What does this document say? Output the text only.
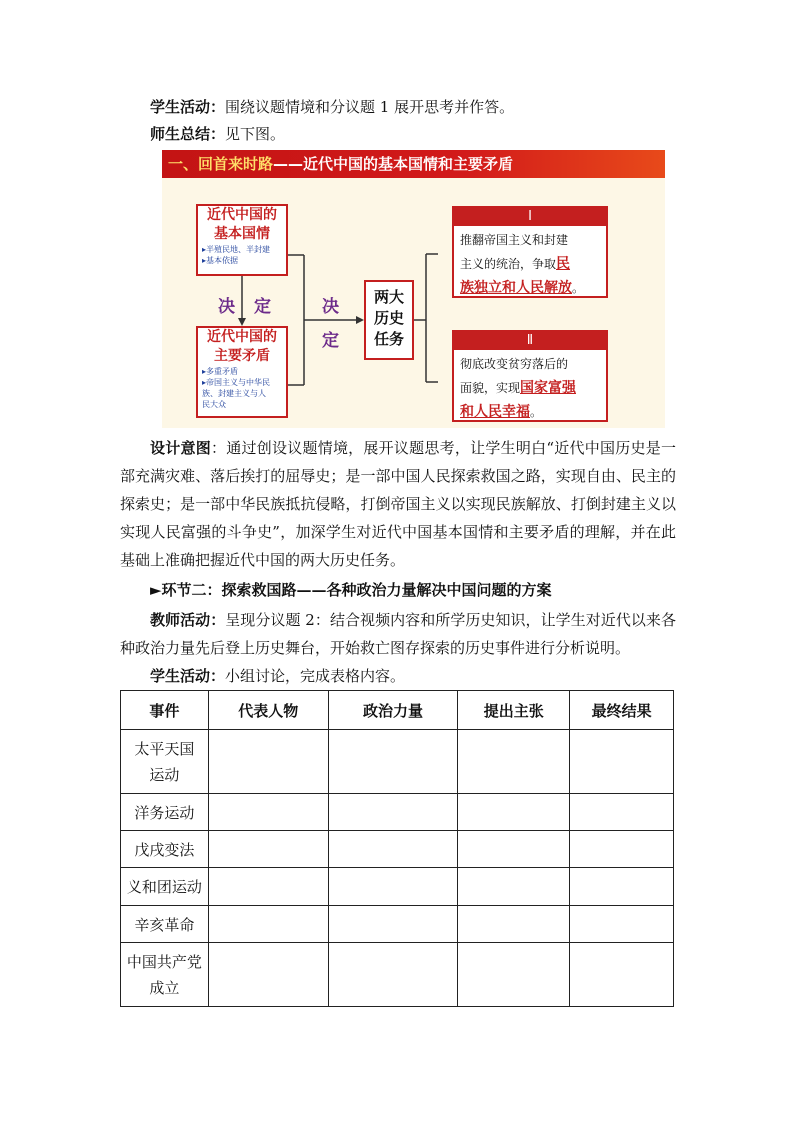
学生活动：围绕议题情境和分议题 1 展开思考并作答。
师生总结：见下图。
一、回首来时路——近代中国的基本国情和主要矛盾
近代中国的
基本国情
▸半殖民地、半封建
▸基本依据
决 定
近代中国的
主要矛盾
▸多重矛盾
▸帝国主义与中华民
族、封建主义与人
民大众
决
定
两大
历史
任务
Ⅰ
推翻帝国主义和封建
主义的统治，争取民
族独立和人民解放。
Ⅱ
彻底改变贫穷落后的
面貌，实现国家富强
和人民幸福。
设计意图：通过创设议题情境，展开议题思考，让学生明白“近代中国历史是一部充满灾难、落后挨打的屈辱史；是一部中国人民探索救国之路，实现自由、民主的探索史；是一部中华民族抵抗侵略，打倒帝国主义以实现民族解放、打倒封建主义以实现人民富强的斗争史”，加深学生对近代中国基本国情和主要矛盾的理解，并在此基础上准确把握近代中国的两大历史任务。
►环节二：探索救国路——各种政治力量解决中国问题的方案
教师活动：呈现分议题 2：结合视频内容和所学历史知识，让学生对近代以来各种政治力量先后登上历史舞台，开始救亡图存探索的历史事件进行分析说明。
学生活动：小组讨论，完成表格内容。
事件	代表人物	政治力量	提出主张	最终结果

太平天国
运动				

洋务运动				
戊戌变法				
义和团运动				
辛亥革命				

中国共产党
成立				
